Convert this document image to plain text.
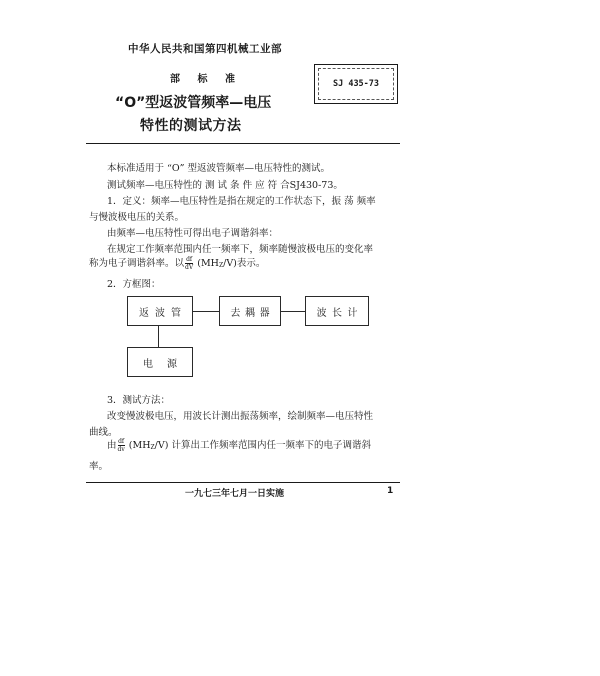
中华人民共和国第四机械工业部
部 标 准
“O”型返波管频率—电压
特性的测试方法
SJ 435-73
本标准适用于 “O” 型返波管频率—电压特性的测试。
测试频率—电压特性的 测 试 条 件 应 符 合SJ430-73。
1．定义：频率—电压特性是指在规定的工作状态下，振 荡 频率
与慢波极电压的关系。
由频率—电压特性可得出电子调谐斜率：
在规定工作频率范围内任一频率下，频率随慢波极电压的变化率
称为电子调谐斜率。以 $\frac{df}{dV} (MHZ/V)$表示。
2．方框图：
返 波 管	去 耦 器	波 长 计
电 源
3．测试方法：
改变慢波极电压，用波长计测出振荡频率，绘制频率—电压特性
曲线。
由 $\frac{df}{dv} (MHZ/V)$ 计算出工作频率范围内任一频率下的电子调谐斜
率。
一九七三年七月一日实施	1
